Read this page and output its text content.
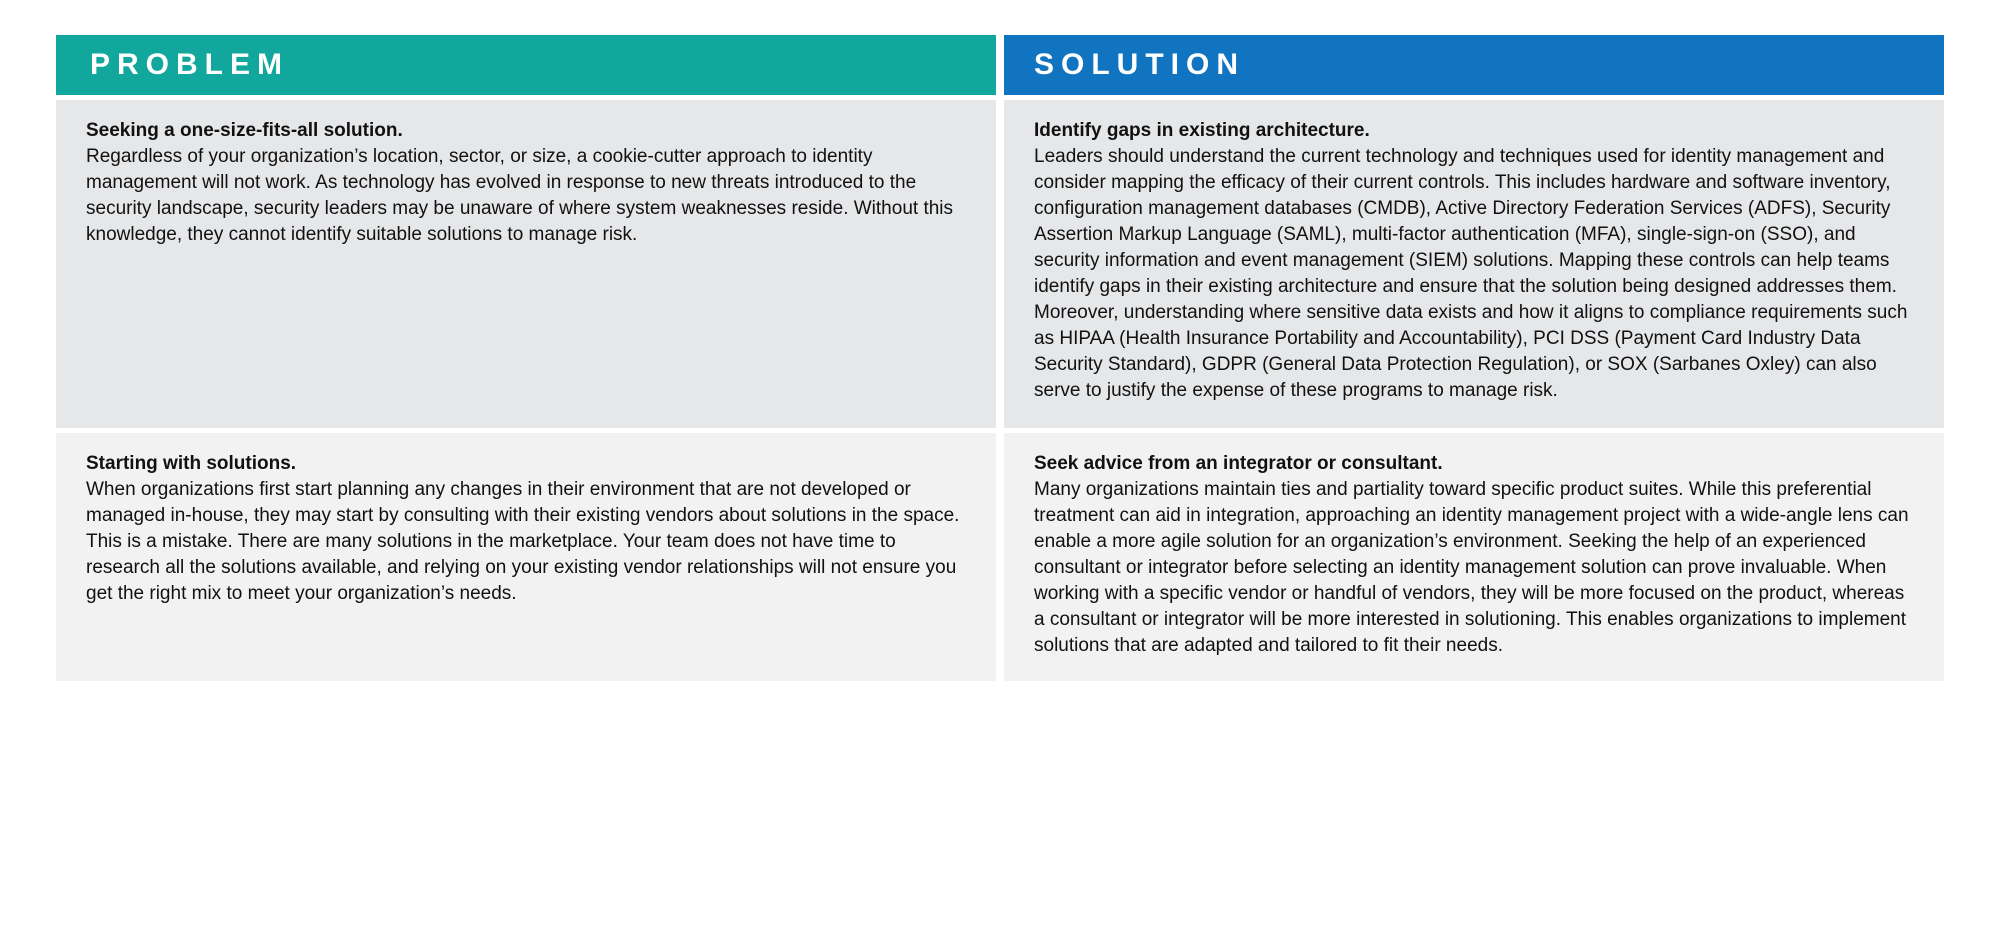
PROBLEM	SOLUTION
Seeking a one-size-fits-all solution.
Regardless of your organization’s location, sector, or size, a cookie-cutter approach to identity management will not work. As technology has evolved in response to new threats introduced to the security landscape, security leaders may be unaware of where system weaknesses reside. Without this knowledge, they cannot identify suitable solutions to manage risk.
Identify gaps in existing architecture.
Leaders should understand the current technology and techniques used for identity management and consider mapping the efficacy of their current controls. This includes hardware and software inventory, configuration management databases (CMDB), Active Directory Federation Services (ADFS), Security Assertion Markup Language (SAML), multi-factor authentication (MFA), single-sign-on (SSO), and security information and event management (SIEM) solutions. Mapping these controls can help teams identify gaps in their existing architecture and ensure that the solution being designed addresses them. Moreover, understanding where sensitive data exists and how it aligns to compliance requirements such as HIPAA (Health Insurance Portability and Accountability), PCI DSS (Payment Card Industry Data Security Standard), GDPR (General Data Protection Regulation), or SOX (Sarbanes Oxley) can also serve to justify the expense of these programs to manage risk.
Starting with solutions.
When organizations first start planning any changes in their environment that are not developed or managed in-house, they may start by consulting with their existing vendors about solutions in the space. This is a mistake. There are many solutions in the marketplace. Your team does not have time to research all the solutions available, and relying on your existing vendor relationships will not ensure you get the right mix to meet your organization’s needs.
Seek advice from an integrator or consultant.
Many organizations maintain ties and partiality toward specific product suites. While this preferential treatment can aid in integration, approaching an identity management project with a wide-angle lens can enable a more agile solution for an organization’s environment. Seeking the help of an experienced consultant or integrator before selecting an identity management solution can prove invaluable. When working with a specific vendor or handful of vendors, they will be more focused on the product, whereas a consultant or integrator will be more interested in solutioning. This enables organizations to implement solutions that are adapted and tailored to fit their needs.
